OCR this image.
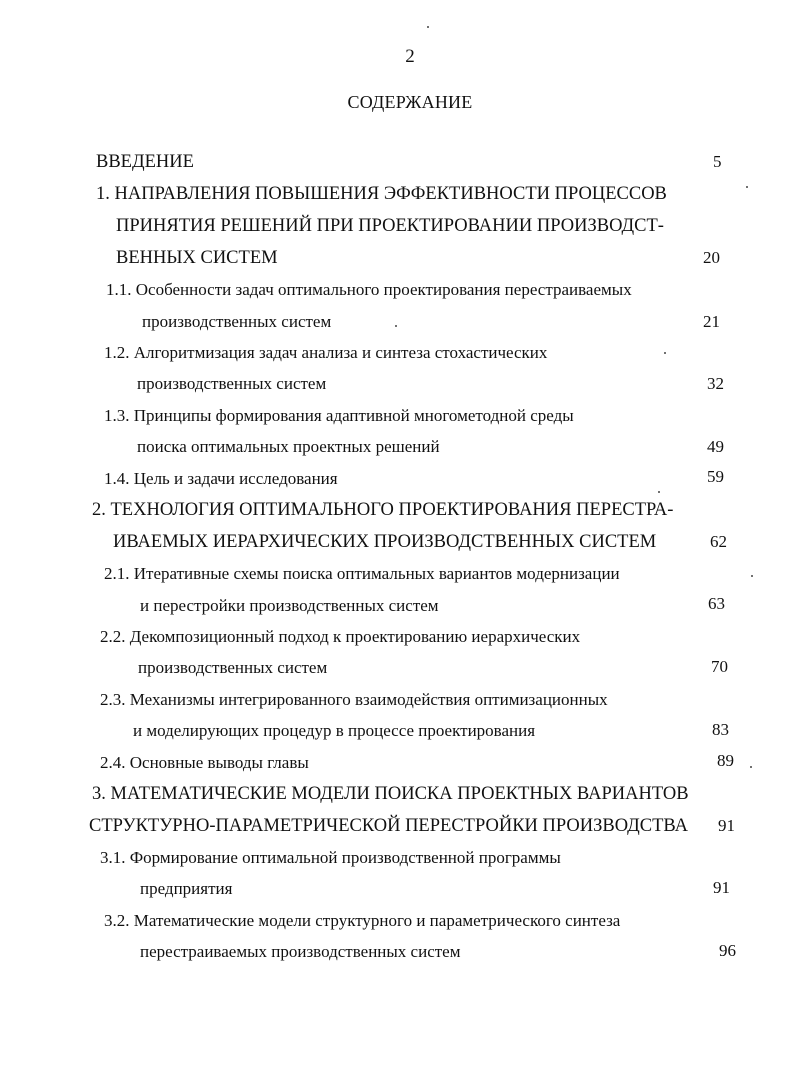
2
СОДЕРЖАНИЕ
ВВЕДЕНИЕ	5
1. НАПРАВЛЕНИЯ ПОВЫШЕНИЯ ЭФФЕКТИВНОСТИ ПРОЦЕССОВ
ПРИНЯТИЯ РЕШЕНИЙ ПРИ ПРОЕКТИРОВАНИИ ПРОИЗВОДСТ-
ВЕННЫХ СИСТЕМ	20
1.1. Особенности задач оптимального проектирования перестраиваемых
производственных систем	21
1.2. Алгоритмизация задач анализа и синтеза стохастических
производственных систем	32
1.3. Принципы формирования адаптивной многометодной среды
поиска оптимальных проектных решений	49
1.4. Цель и задачи исследования	59
2. ТЕХНОЛОГИЯ ОПТИМАЛЬНОГО ПРОЕКТИРОВАНИЯ ПЕРЕСТРА-
ИВАЕМЫХ ИЕРАРХИЧЕСКИХ ПРОИЗВОДСТВЕННЫХ СИСТЕМ	62
2.1. Итеративные схемы поиска оптимальных вариантов модернизации
и перестройки производственных систем	63
2.2. Декомпозиционный подход к проектированию иерархических
производственных систем	70
2.3. Механизмы интегрированного взаимодействия оптимизационных
и моделирующих процедур в процессе проектирования	83
2.4. Основные выводы главы	89
3. МАТЕМАТИЧЕСКИЕ МОДЕЛИ ПОИСКА ПРОЕКТНЫХ ВАРИАНТОВ
СТРУКТУРНО-ПАРАМЕТРИЧЕСКОЙ ПЕРЕСТРОЙКИ ПРОИЗВОДСТВА 91
3.1. Формирование оптимальной производственной программы
предприятия	91
3.2. Математические модели структурного и параметрического синтеза
перестраиваемых производственных систем	96
